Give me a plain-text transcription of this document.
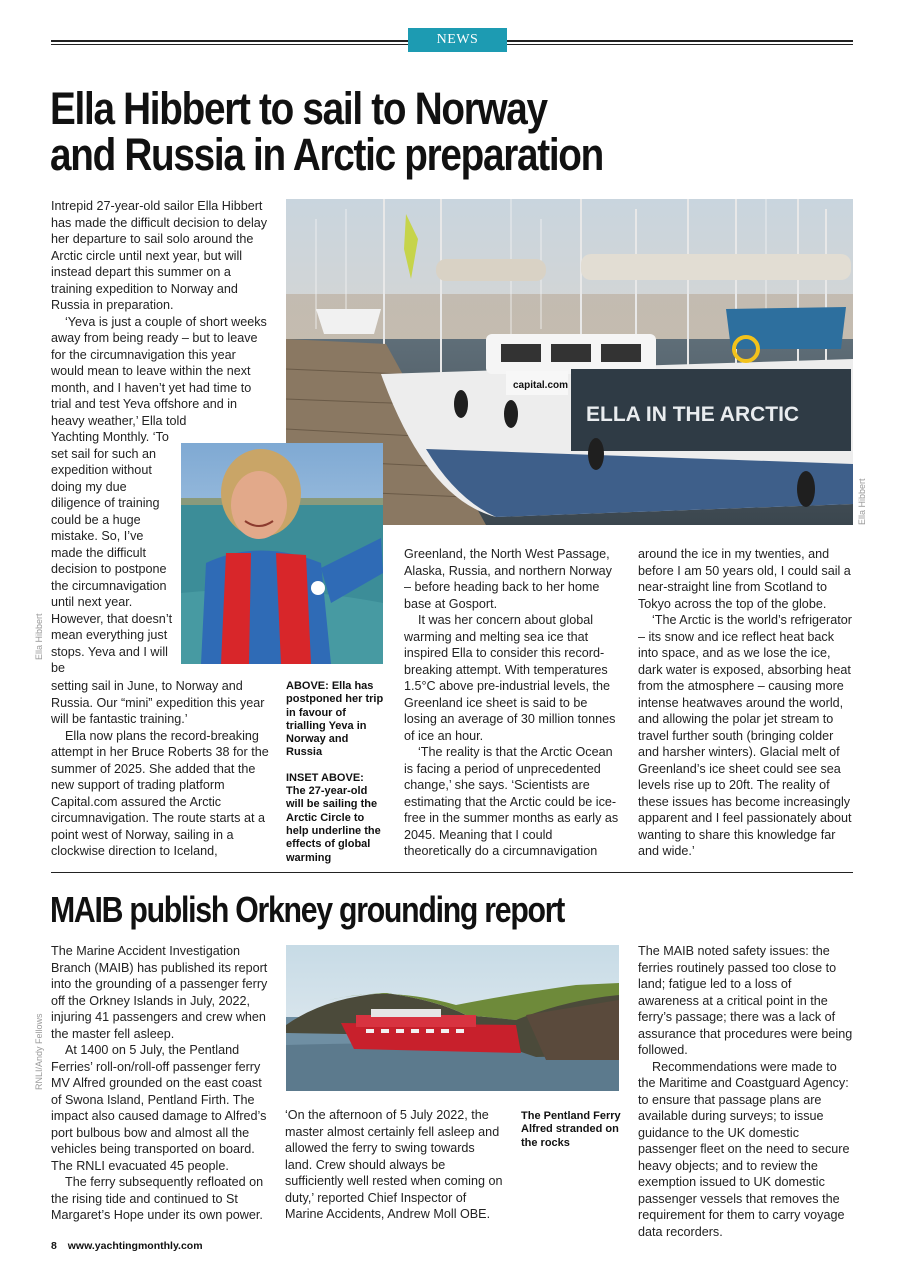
NEWS
Ella Hibbert to sail to Norway
and Russia in Arctic preparation
ELLA IN THE ARCTIC
capital.com
Ella Hibbert
Ella Hibbert

Intrepid 27-year-old sailor Ella Hibbert has made the difficult decision to delay her departure to sail solo around the Arctic circle until next year, but will instead depart this summer on a training expedition to Norway and Russia in preparation.

‘Yeva is just a couple of short weeks away from being ready – but to leave for the circumnavigation this year would mean to leave within the next month, and I haven’t yet had time to trial and test Yeva offshore and in heavy weather,’ Ella told

Yachting Monthly. ‘To set sail for such an expedition without doing my due diligence of training could be a huge mistake. So, I’ve made the difficult decision to postpone the circumnavigation until next year. However, that doesn’t mean everything just stops. Yeva and I will be

setting sail in June, to Norway and Russia. Our “mini” expedition this year will be fantastic training.’

Ella now plans the record-breaking attempt in her Bruce Roberts 38 for the summer of 2025. She added that the new support of trading platform Capital.com assured the Arctic circumnavigation. The route starts at a point west of Norway, sailing in a clockwise direction to Iceland,

ABOVE: Ella has postponed her trip in favour of trialling Yeva in Norway and Russia

INSET ABOVE: The 27-year-old will be sailing the Arctic Circle to help underline the effects of global warming

Greenland, the North West Passage, Alaska, Russia, and northern Norway – before heading back to her home base at Gosport.

It was her concern about global warming and melting sea ice that inspired Ella to consider this record-breaking attempt. With temperatures 1.5°C above pre-industrial levels, the Greenland ice sheet is said to be losing an average of 30 million tonnes of ice an hour.

‘The reality is that the Arctic Ocean is facing a period of unprecedented change,’ she says. ‘Scientists are estimating that the Arctic could be ice-free in the summer months as early as 2045. Meaning that I could theoretically do a circumnavigation

around the ice in my twenties, and before I am 50 years old, I could sail a near-straight line from Scotland to Tokyo across the top of the globe.

‘The Arctic is the world’s refrigerator – its snow and ice reflect heat back into space, and as we lose the ice, dark water is exposed, absorbing heat from the atmosphere – causing more intense heatwaves around the world, and allowing the polar jet stream to travel further south (bringing colder and harsher winters). Glacial melt of Greenland’s ice sheet could see sea levels rise up to 20ft. The reality of these issues has become increasingly apparent and I feel passionately about wanting to share this knowledge far and wide.’

MAIB publish Orkney grounding report

The Marine Accident Investigation Branch (MAIB) has published its report into the grounding of a passenger ferry off the Orkney Islands in July, 2022, injuring 41 passengers and crew when the master fell asleep.

At 1400 on 5 July, the Pentland Ferries’ roll-on/roll-off passenger ferry MV Alfred grounded on the east coast of Swona Island, Pentland Firth. The impact also caused damage to Alfred’s port bulbous bow and almost all the vehicles being transported on board. The RNLI evacuated 45 people.

The ferry subsequently refloated on the rising tide and continued to St Margaret’s Hope under its own power.

RNLI/Andy Fellows

‘On the afternoon of 5 July 2022, the master almost certainly fell asleep and allowed the ferry to swing towards land. Crew should always be sufficiently well rested when coming on duty,’ reported Chief Inspector of Marine Accidents, Andrew Moll OBE.

The Pentland Ferry Alfred stranded on the rocks

The MAIB noted safety issues: the ferries routinely passed too close to land; fatigue led to a loss of awareness at a critical point in the ferry’s passage; there was a lack of assurance that procedures were being followed.

Recommendations were made to the Maritime and Coastguard Agency: to ensure that passage plans are available during surveys; to issue guidance to the UK domestic passenger fleet on the need to secure heavy objects; and to review the exemption issued to UK domestic passenger vessels that removes the requirement for them to carry voyage data recorders.

8 www.yachtingmonthly.com
